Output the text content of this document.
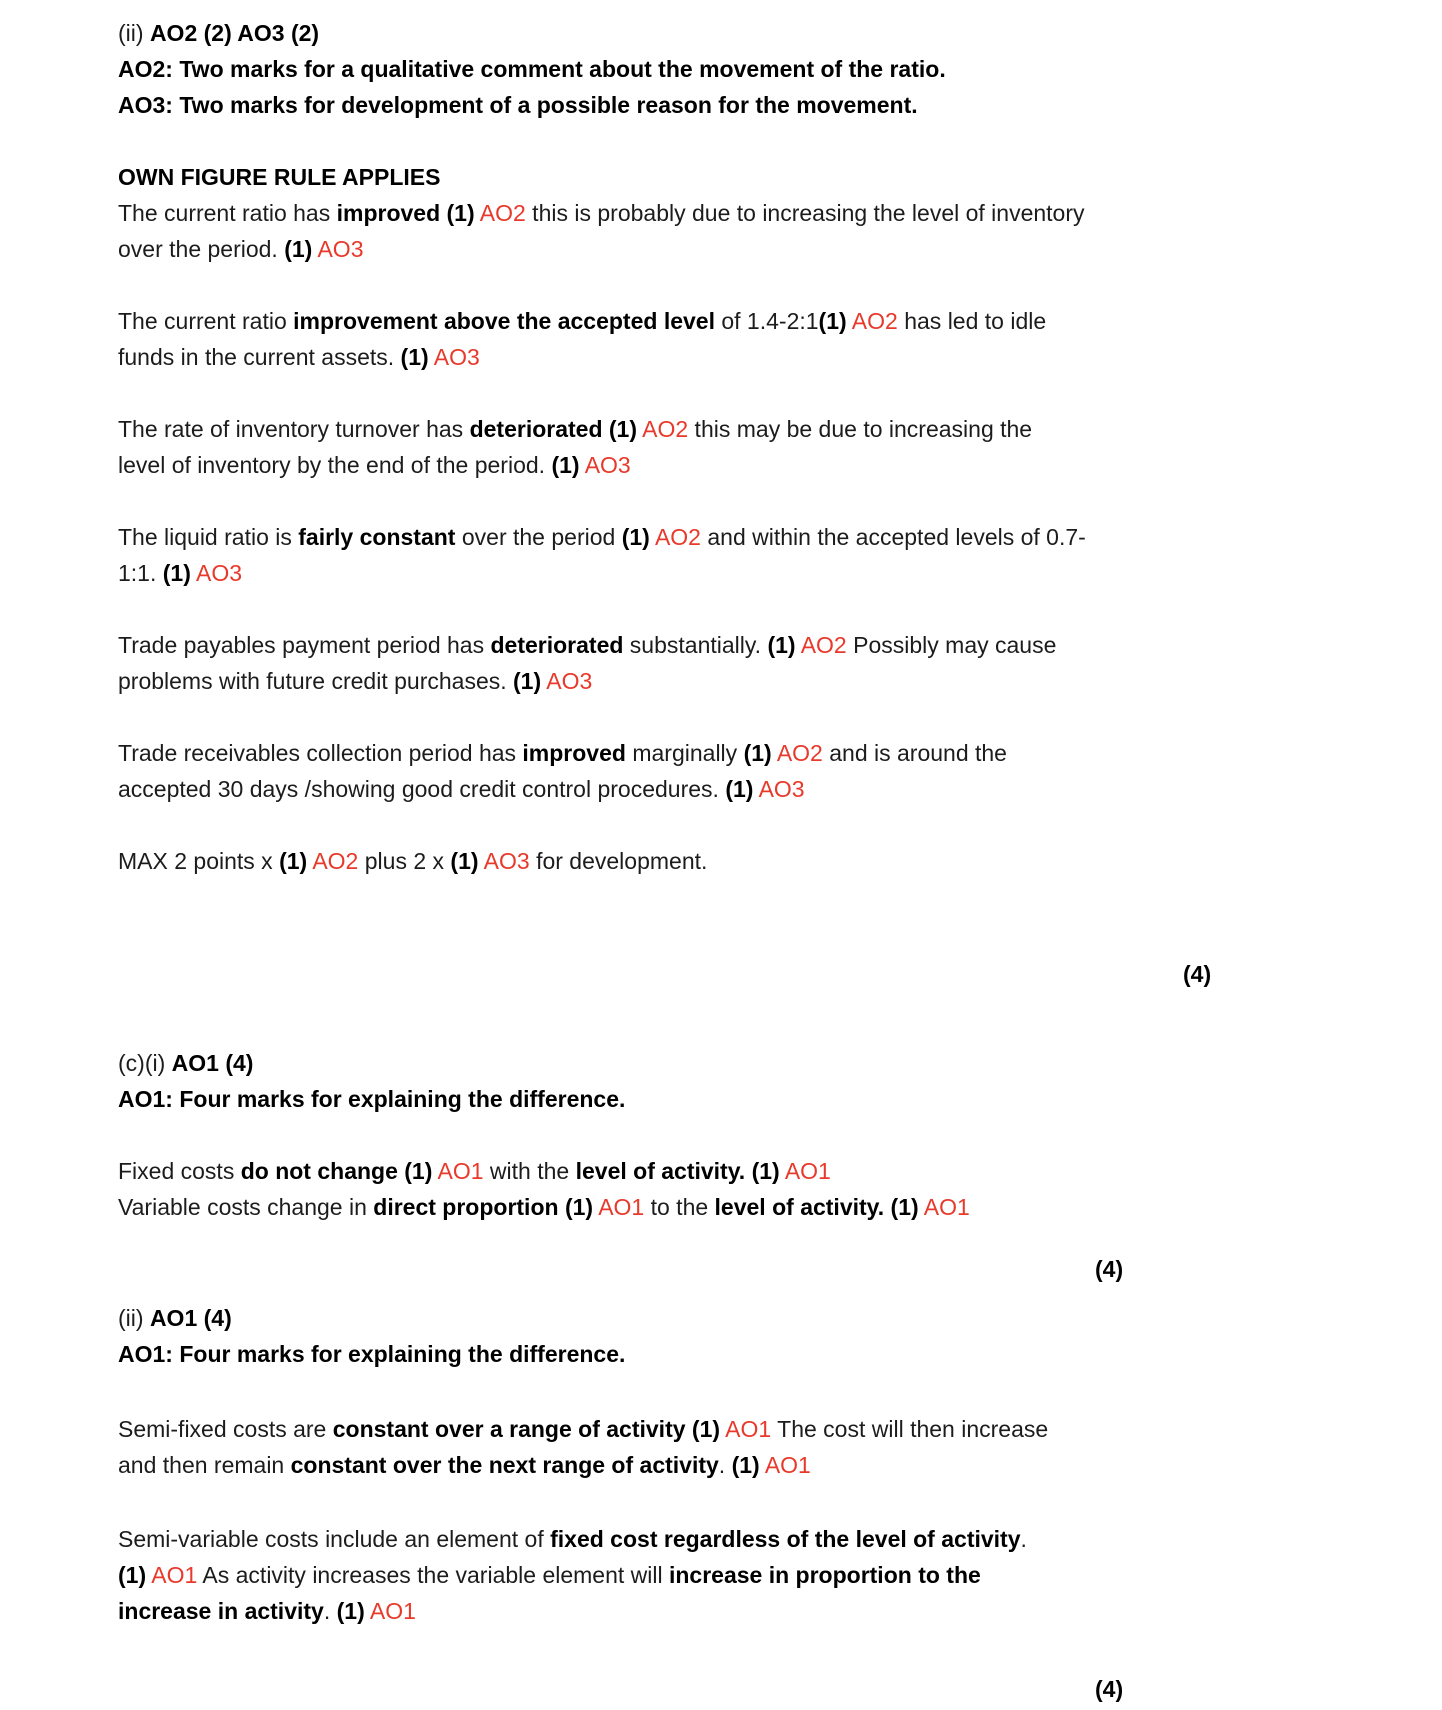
(ii) AO2 (2) AO3 (2)
AO2: Two marks for a qualitative comment about the movement of the ratio.
AO3: Two marks for development of a possible reason for the movement.
OWN FIGURE RULE APPLIES
The current ratio has improved (1) AO2 this is probably due to increasing the level of inventory
over the period. (1) AO3
The current ratio improvement above the accepted level of 1.4-2:1(1) AO2 has led to idle
funds in the current assets. (1) AO3
The rate of inventory turnover has deteriorated (1) AO2 this may be due to increasing the
level of inventory by the end of the period. (1) AO3
The liquid ratio is fairly constant over the period (1) AO2 and within the accepted levels of 0.7-
1:1. (1) AO3
Trade payables payment period has deteriorated substantially. (1) AO2 Possibly may cause
problems with future credit purchases. (1) AO3
Trade receivables collection period has improved marginally (1) AO2 and is around the
accepted 30 days /showing good credit control procedures. (1) AO3
MAX 2 points x (1) AO2 plus 2 x (1) AO3 for development.
(4)
(c)(i) AO1 (4)
AO1: Four marks for explaining the difference.
Fixed costs do not change (1) AO1 with the level of activity. (1) AO1
Variable costs change in direct proportion (1) AO1 to the level of activity. (1) AO1
(4)
(ii) AO1 (4)
AO1: Four marks for explaining the difference.
Semi-fixed costs are constant over a range of activity (1) AO1 The cost will then increase
and then remain constant over the next range of activity. (1) AO1
Semi-variable costs include an element of fixed cost regardless of the level of activity.
(1) AO1 As activity increases the variable element will increase in proportion to the
increase in activity. (1) AO1
(4)
